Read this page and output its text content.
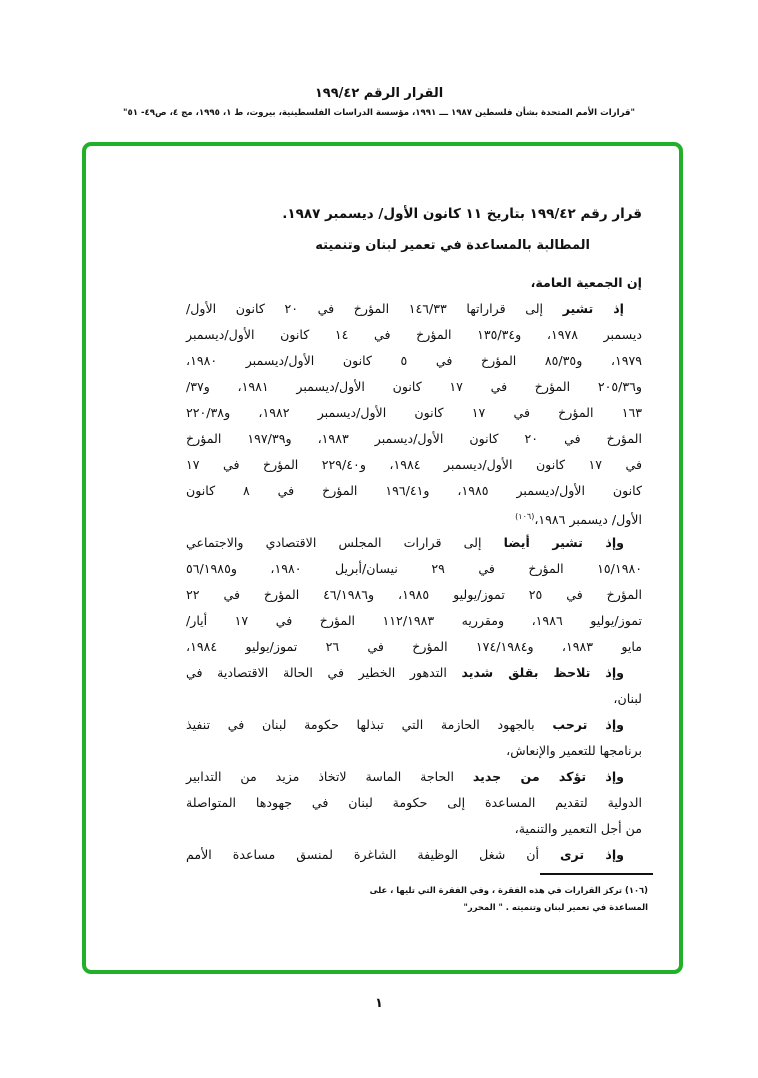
القرار الرقم ١٩٩/٤٢
"قرارات الأمم المتحدة بشأن فلسطين ١٩٨٧ ـــ ١٩٩١، مؤسسة الدراسات الفلسطينية، بيروت، ط ١، ١٩٩٥، مج ٤، ص٤٩- ٥١"
قرار رقم ١٩٩/٤٢ بتاريخ ١١ كانون الأول/ ديسمبر ١٩٨٧.
المطالبة بالمساعدة في تعمير لبنان وتنميته
إن الجمعية العامة،
إذ تشير إلى قراراتها ١٤٦/٣٣ المؤرخ في ٢٠ كانون الأول/
ديسمبر ١٩٧٨، و١٣٥/٣٤ المؤرخ في ١٤ كانون الأول/ديسمبر
١٩٧٩، و٨٥/٣٥ المؤرخ في ٥ كانون الأول/ديسمبر ١٩٨٠،
و٢٠٥/٣٦ المؤرخ في ١٧ كانون الأول/ديسمبر ١٩٨١، و٣٧/
١٦٣ المؤرخ في ١٧ كانون الأول/ديسمبر ١٩٨٢، و٢٢٠/٣٨
المؤرخ في ٢٠ كانون الأول/ديسمبر ١٩٨٣، و١٩٧/٣٩ المؤرخ
في ١٧ كانون الأول/ديسمبر ١٩٨٤، و٢٢٩/٤٠ المؤرخ في ١٧
كانون الأول/ديسمبر ١٩٨٥، و١٩٦/٤١ المؤرخ في ٨ كانون
الأول/ ديسمبر ١٩٨٦،$^{(١٠٦)}$
وإذ تشير أيضا إلى قرارات المجلس الاقتصادي والاجتماعي
١٥/١٩٨٠ المؤرخ في ٢٩ نيسان/أبريل ١٩٨٠، و٥٦/١٩٨٥
المؤرخ في ٢٥ تموز/يوليو ١٩٨٥، و٤٦/١٩٨٦ المؤرخ في ٢٢
تموز/يوليو ١٩٨٦، ومقرريه ١١٢/١٩٨٣ المؤرخ في ١٧ أيار/
مايو ١٩٨٣، و١٧٤/١٩٨٤ المؤرخ في ٢٦ تموز/يوليو ١٩٨٤،
وإذ تلاحظ بقلق شديد التدهور الخطير في الحالة الاقتصادية في
لبنان،
وإذ ترحب بالجهود الحازمة التي تبذلها حكومة لبنان في تنفيذ
برنامجها للتعمير والإنعاش،
وإذ تؤكد من جديد الحاجة الماسة لاتخاذ مزيد من التدابير
الدولية لتقديم المساعدة إلى حكومة لبنان في جهودها المتواصلة
من أجل التعمير والتنمية،
وإذ ترى أن شغل الوظيفة الشاغرة لمنسق مساعدة الأمم
(١٠٦) تركز القرارات في هذه الفقرة ، وفي الفقرة التي تليها ، على
المساعدة في تعمير لبنان وتنميته . " المحرر"
١
